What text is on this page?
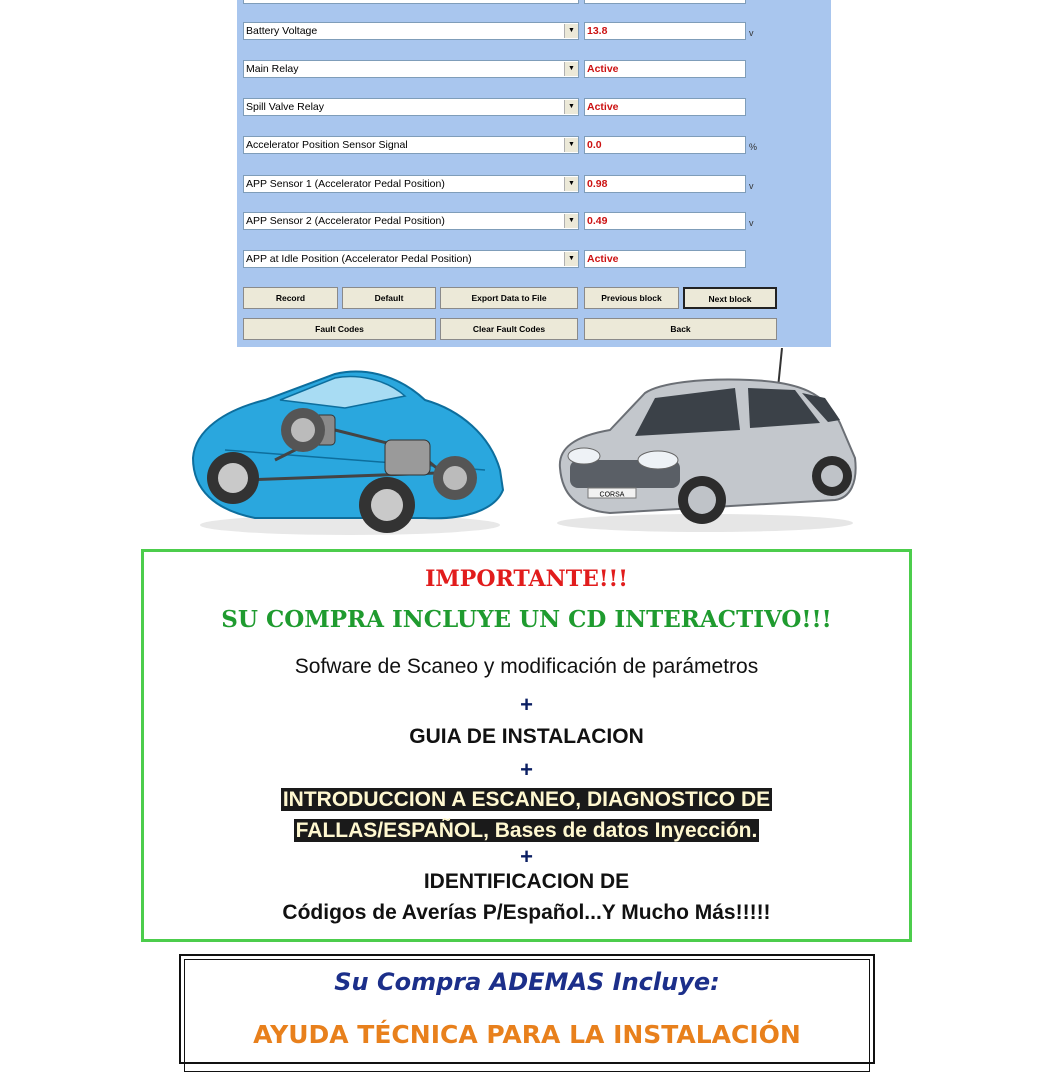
Battery Voltage	▼ 13.8	v
Main Relay	▼ Active
Spill Valve Relay	▼ Active
Accelerator Position Sensor Signal	▼ 0.0	%
APP Sensor 1 (Accelerator Pedal Position)	▼ 0.98	v
APP Sensor 2 (Accelerator Pedal Position)	▼ 0.49	v
APP at Idle Position (Accelerator Pedal Position)	▼ Active
Record	Default	Export Data to File	Previous block	Next block
Fault Codes	Clear Fault Codes	Back
CORSA
IMPORTANTE!!!
SU COMPRA INCLUYE UN CD INTERACTIVO!!!
Sofware de Scaneo y modificación de parámetros
+
GUIA DE INSTALACION
+
INTRODUCCION A ESCANEO, DIAGNOSTICO DE
FALLAS/ESPAÑOL, Bases de datos Inyección.
+
IDENTIFICACION DE
Códigos de Averías P/Español...Y Mucho Más!!!!!
Su Compra ADEMAS Incluye:
AYUDA TÉCNICA PARA LA INSTALACIÓN
